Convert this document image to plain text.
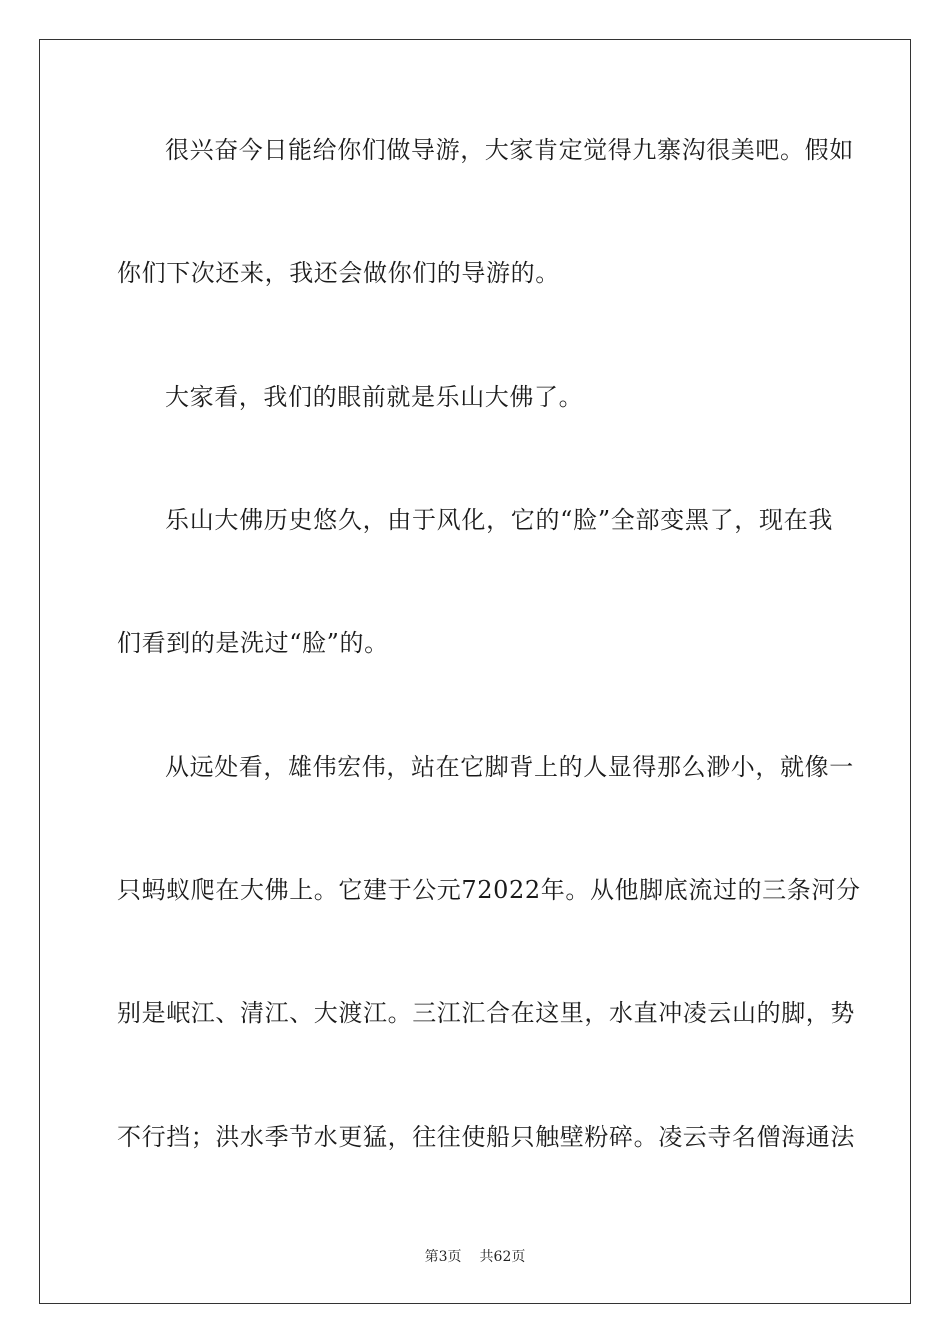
很兴奋今日能给你们做导游，大家肯定觉得九寨沟很美吧。假如
你们下次还来，我还会做你们的导游的。
大家看，我们的眼前就是乐山大佛了。
乐山大佛历史悠久，由于风化，它的“脸”全部变黑了，现在我
们看到的是洗过“脸”的。
从远处看，雄伟宏伟，站在它脚背上的人显得那么渺小，就像一
只蚂蚁爬在大佛上。它建于公元72022年。从他脚底流过的三条河分
别是岷江、清江、大渡江。三江汇合在这里，水直冲凌云山的脚，势
不行挡；洪水季节水更猛，往往使船只触壁粉碎。凌云寺名僧海通法
第3页 共62页
